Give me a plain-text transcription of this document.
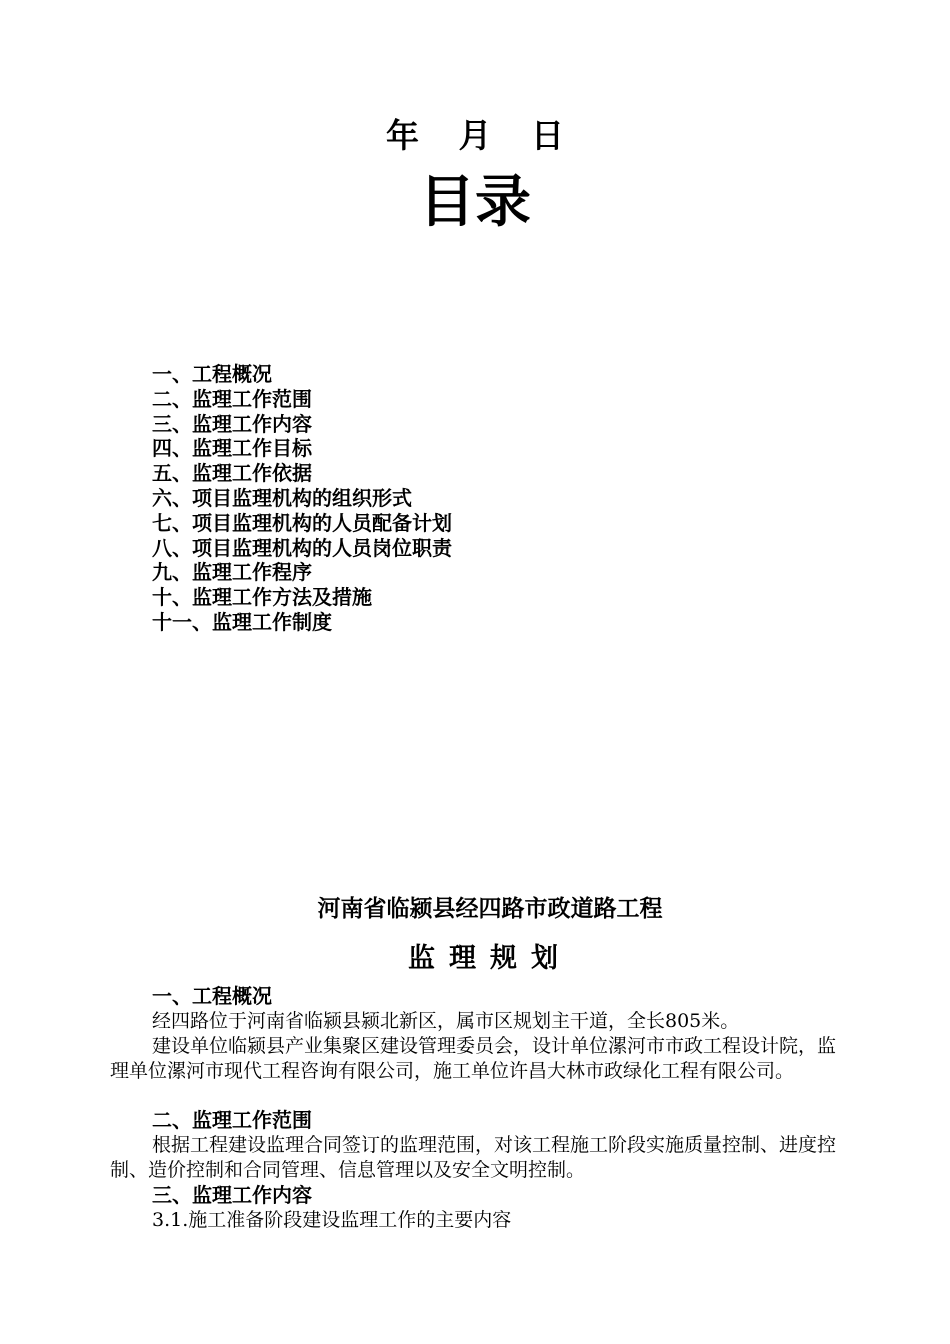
年 月 日
目录
一、工程概况
二、监理工作范围
三、监理工作内容
四、监理工作目标
五、监理工作依据
六、项目监理机构的组织形式
七、项目监理机构的人员配备计划
八、项目监理机构的人员岗位职责
九、监理工作程序
十、监理工作方法及措施
十一、监理工作制度
河南省临颍县经四路市政道路工程
监理规划
一、工程概况

经四路位于河南省临颍县颍北新区，属市区规划主干道，全长805米。

建设单位临颍县产业集聚区建设管理委员会，设计单位漯河市市政工程设计院，监理单位漯河市现代工程咨询有限公司，施工单位许昌大林市政绿化工程有限公司。

二、监理工作范围

根据工程建设监理合同签订的监理范围，对该工程施工阶段实施质量控制、进度控制、造价控制和合同管理、信息管理以及安全文明控制。

三、监理工作内容

3.1.施工准备阶段建设监理工作的主要内容
